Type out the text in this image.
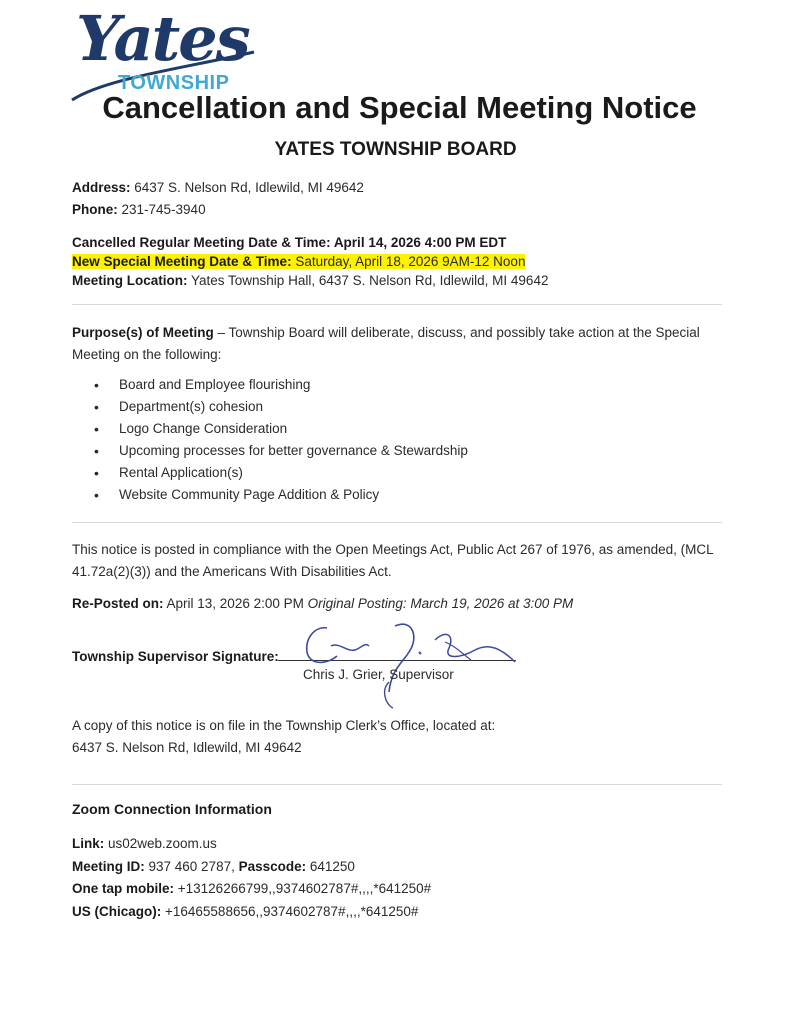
Yates
TOWNSHIP
Cancellation and Special Meeting Notice
YATES TOWNSHIP BOARD
Address: 6437 S. Nelson Rd, Idlewild, MI 49642
Phone: 231-745-3940
Cancelled Regular Meeting Date & Time: April 14, 2026 4:00 PM EDT
New Special Meeting Date & Time: Saturday, April 18, 2026 9AM-12 Noon
Meeting Location: Yates Township Hall, 6437 S. Nelson Rd, Idlewild, MI 49642
Purpose(s) of Meeting – Township Board will deliberate, discuss, and possibly take action at the Special Meeting on the following:
• Board and Employee flourishing
• Department(s) cohesion
• Logo Change Consideration
• Upcoming processes for better governance & Stewardship
• Rental Application(s)
• Website Community Page Addition & Policy
This notice is posted in compliance with the Open Meetings Act, Public Act 267 of 1976, as amended, (MCL 41.72a(2)(3)) and the Americans With Disabilities Act.
Re-Posted on: April 13, 2026 2:00 PM Original Posting: March 19, 2026 at 3:00 PM
Township Supervisor Signature:
Chris J. Grier, Supervisor
A copy of this notice is on file in the Township Clerk’s Office, located at:
6437 S. Nelson Rd, Idlewild, MI 49642
Zoom Connection Information
Link: us02web.zoom.us
Meeting ID: 937 460 2787, Passcode: 641250
One tap mobile: +13126266799,,9374602787#,,,,*641250#
US (Chicago): +16465588656,,9374602787#,,,,*641250#
